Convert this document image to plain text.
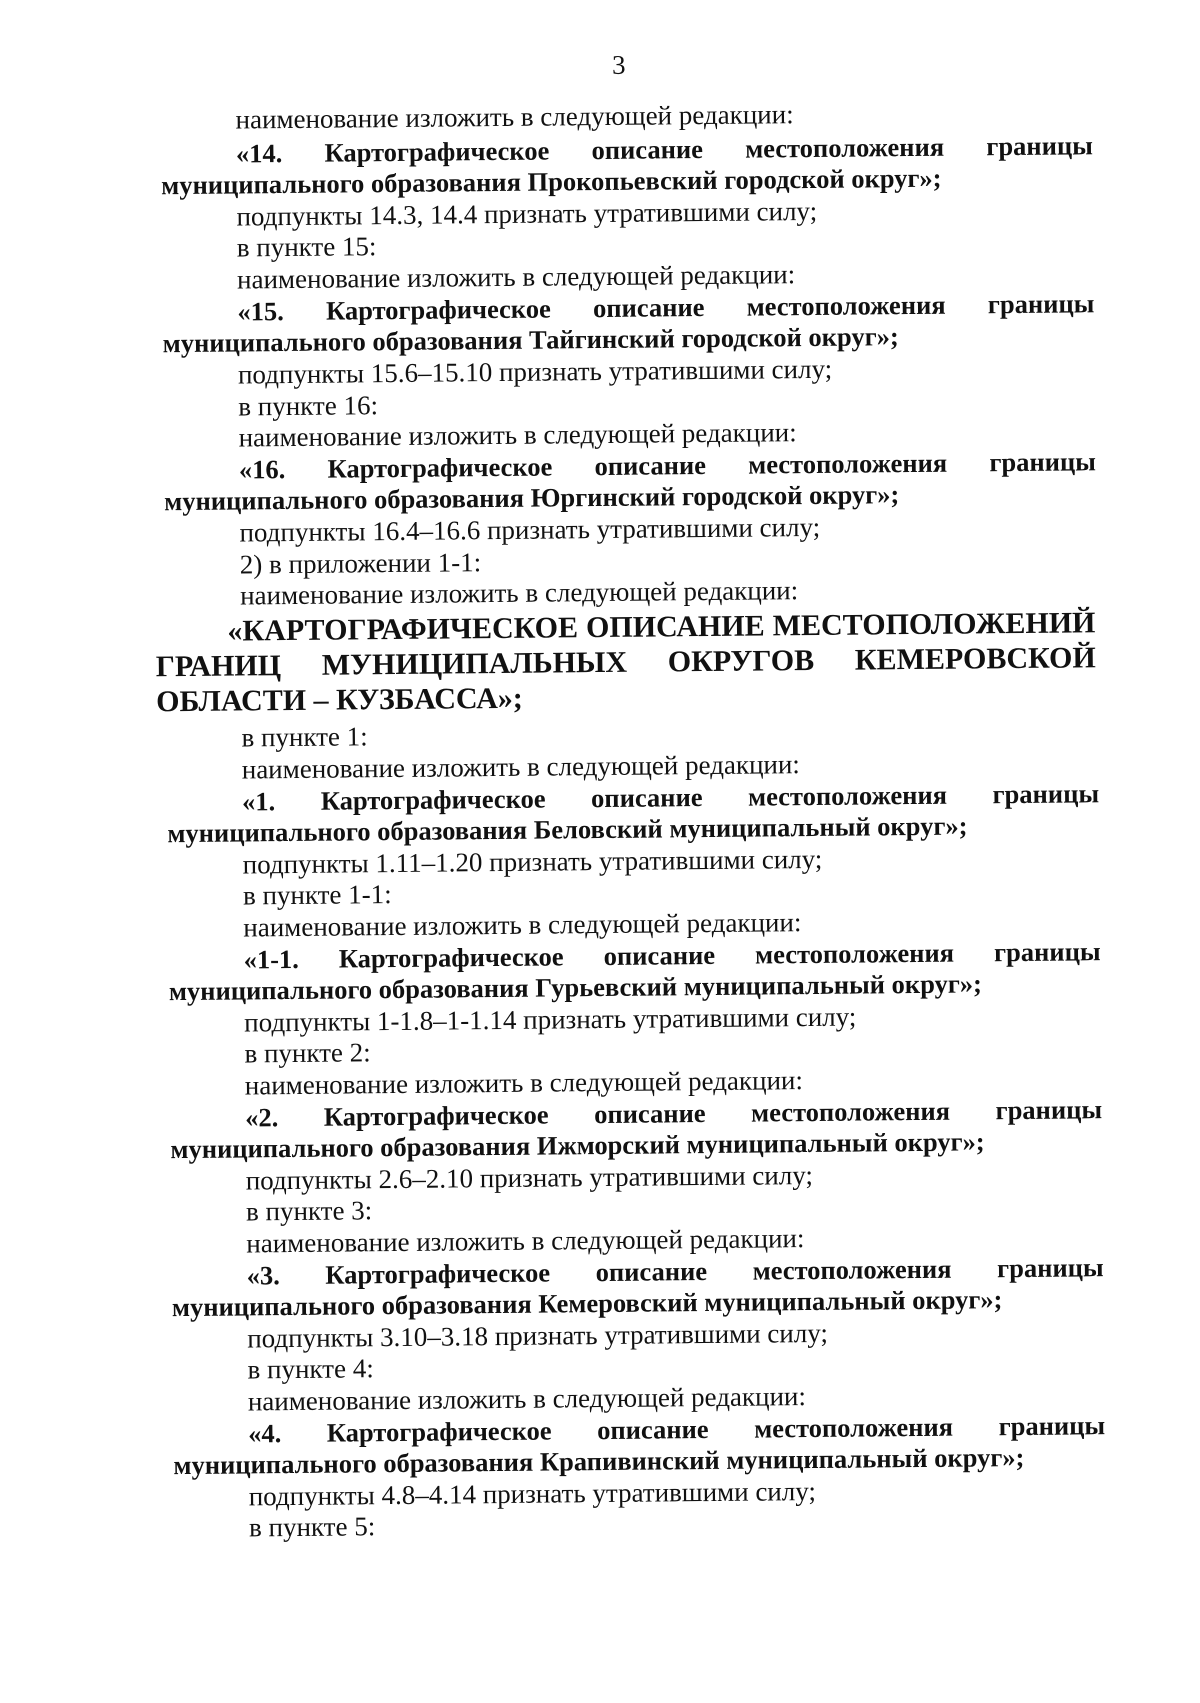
3
наименование изложить в следующей редакции:
«14. Картографическое описание местоположения границы
муниципального образования Прокопьевский городской округ»;
подпункты 14.3, 14.4 признать утратившими силу;
в пункте 15:
наименование изложить в следующей редакции:
«15. Картографическое описание местоположения границы
муниципального образования Тайгинский городской округ»;
подпункты 15.6–15.10 признать утратившими силу;
в пункте 16:
наименование изложить в следующей редакции:
«16. Картографическое описание местоположения границы
муниципального образования Юргинский городской округ»;
подпункты 16.4–16.6 признать утратившими силу;
2) в приложении 1-1:
наименование изложить в следующей редакции:
«КАРТОГРАФИЧЕСКОЕ ОПИСАНИЕ МЕСТОПОЛОЖЕНИЙ
ГРАНИЦ МУНИЦИПАЛЬНЫХ ОКРУГОВ КЕМЕРОВСКОЙ
ОБЛАСТИ – КУЗБАССА»;
в пункте 1:
наименование изложить в следующей редакции:
«1. Картографическое описание местоположения границы
муниципального образования Беловский муниципальный округ»;
подпункты 1.11–1.20 признать утратившими силу;
в пункте 1-1:
наименование изложить в следующей редакции:
«1-1. Картографическое описание местоположения границы
муниципального образования Гурьевский муниципальный округ»;
подпункты 1-1.8–1-1.14 признать утратившими силу;
в пункте 2:
наименование изложить в следующей редакции:
«2. Картографическое описание местоположения границы
муниципального образования Ижморский муниципальный округ»;
подпункты 2.6–2.10 признать утратившими силу;
в пункте 3:
наименование изложить в следующей редакции:
«3. Картографическое описание местоположения границы
муниципального образования Кемеровский муниципальный округ»;
подпункты 3.10–3.18 признать утратившими силу;
в пункте 4:
наименование изложить в следующей редакции:
«4. Картографическое описание местоположения границы
муниципального образования Крапивинский муниципальный округ»;
подпункты 4.8–4.14 признать утратившими силу;
в пункте 5:
